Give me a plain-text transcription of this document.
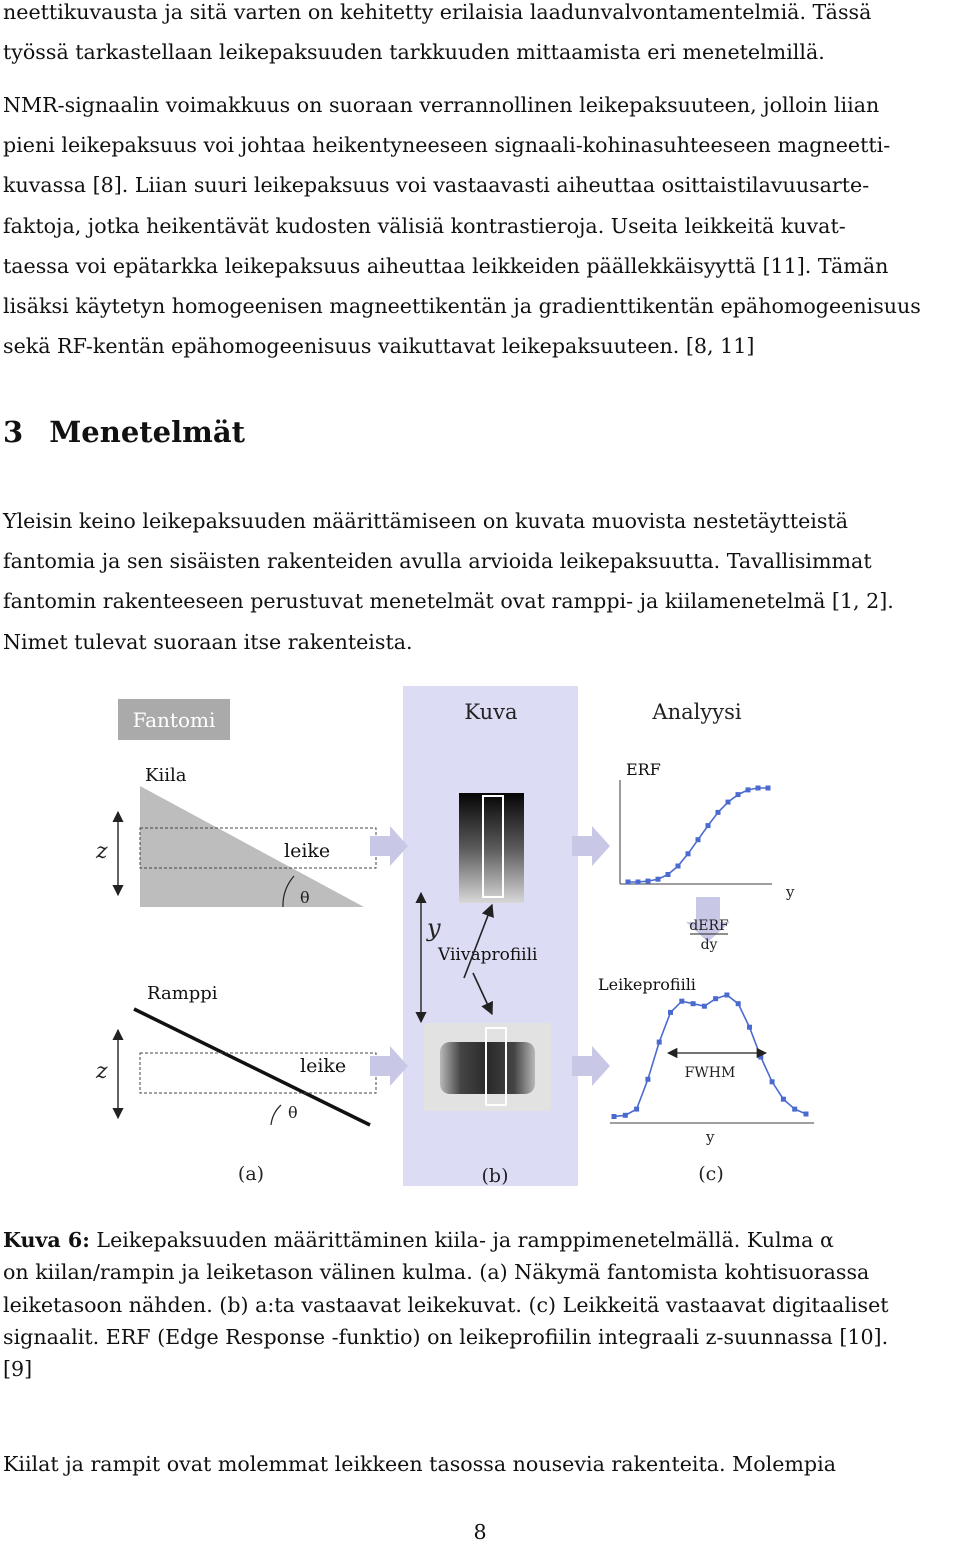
neettikuvausta ja sitä varten on kehitetty erilaisia laadunvalvontamentelmiä. Tässä
työssä tarkastellaan leikepaksuuden tarkkuuden mittaamista eri menetelmillä.

NMR-signaalin voimakkuus on suoraan verrannollinen leikepaksuuteen, jolloin liian
pieni leikepaksuus voi johtaa heikentyneeseen signaali-kohinasuhteeseen magneetti-
kuvassa [8]. Liian suuri leikepaksuus voi vastaavasti aiheuttaa osittaistilavuusarte-
faktoja, jotka heikentävät kudosten välisiä kontrastieroja. Useita leikkeitä kuvat-
taessa voi epätarkka leikepaksuus aiheuttaa leikkeiden päällekkäisyyttä [11]. Tämän
lisäksi käytetyn homogeenisen magneettikentän ja gradienttikentän epähomogeenisuus
sekä RF-kentän epähomogeenisuus vaikuttavat leikepaksuuteen. [8, 11]

3 Menetelmät

Yleisin keino leikepaksuuden määrittämiseen on kuvata muovista nestetäytteistä
fantomia ja sen sisäisten rakenteiden avulla arvioida leikepaksuutta. Tavallisimmat
fantomin rakenteeseen perustuvat menetelmät ovat ramppi- ja kiilamenetelmä [1, 2].
Nimet tulevat suoraan itse rakenteista.

Fantomi	Kuva	Analyysi
Kiila
z	leike
θ
Ramppi
z	leike
θ
y
Viivaprofiili
ERF
y
dERF
dy
Leikeprofiili
y
FWHM
(a)	(b)	(c)

Kuva 6: Leikepaksuuden määrittäminen kiila- ja ramppimenetelmällä. Kulma α
on kiilan/rampin ja leiketason välinen kulma. (a) Näkymä fantomista kohtisuorassa
leiketasoon nähden. (b) a:ta vastaavat leikekuvat. (c) Leikkeitä vastaavat digitaaliset
signaalit. ERF (Edge Response -funktio) on leikeprofiilin integraali z-suunnassa [10].
[9]

Kiilat ja rampit ovat molemmat leikkeen tasossa nousevia rakenteita. Molempia

8
